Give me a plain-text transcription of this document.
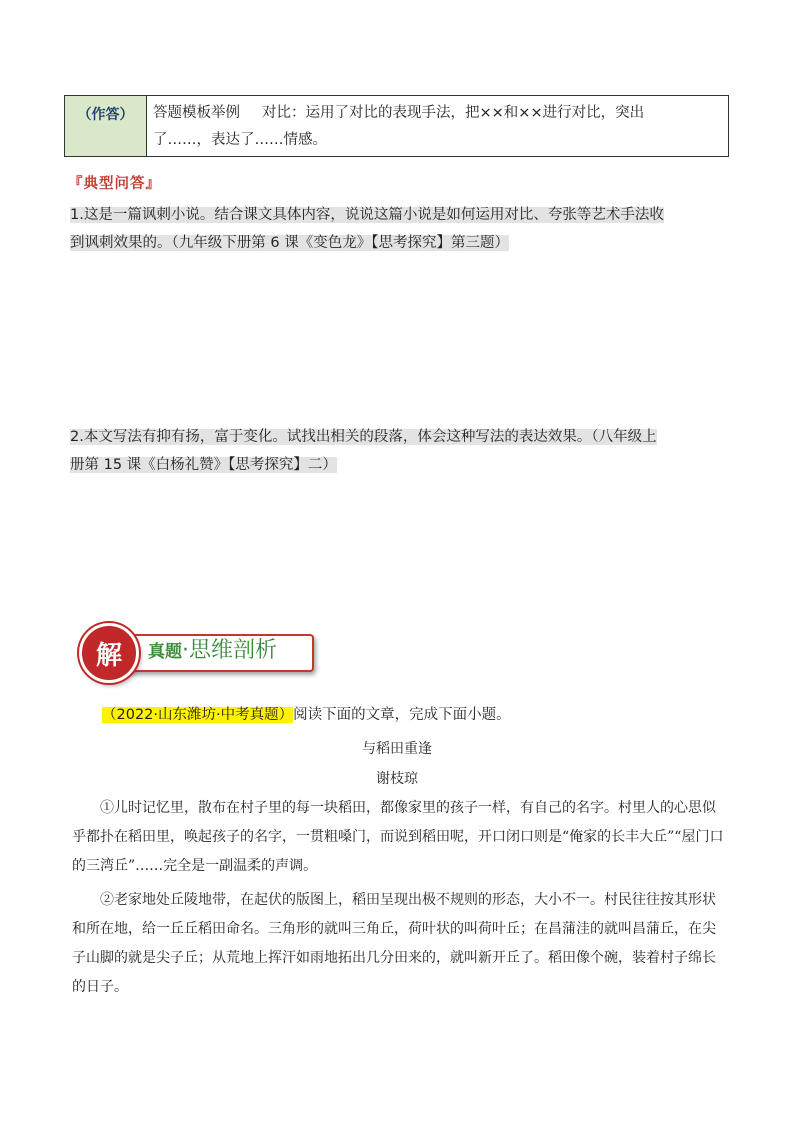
（作答）	答题模板举例 对比：运用了对比的表现手法，把××和××进行对比，突出
了……，表达了……情感。
『典型问答』
1.这是一篇讽刺小说。结合课文具体内容，说说这篇小说是如何运用对比、夸张等艺术手法收
到讽刺效果的。（九年级下册第 6 课《变色龙》【思考探究】第三题）
2.本文写法有抑有扬，富于变化。试找出相关的段落，体会这种写法的表达效果。（八年级上
册第 15 课《白杨礼赞》【思考探究】二）
真题·思维剖析
解
（2022·山东潍坊·中考真题）阅读下面的文章，完成下面小题。
与稻田重逢
谢枝琼
①儿时记忆里，散布在村子里的每一块稻田，都像家里的孩子一样，有自己的名字。村里人的心思似乎都扑在稻田里，唤起孩子的名字，一贯粗嗓门，而说到稻田呢，开口闭口则是“俺家的长丰大丘”“屋门口的三湾丘”……完全是一副温柔的声调。
②老家地处丘陵地带，在起伏的版图上，稻田呈现出极不规则的形态，大小不一。村民往往按其形状和所在地，给一丘丘稻田命名。三角形的就叫三角丘，荷叶状的叫荷叶丘；在昌蒲洼的就叫昌蒲丘，在尖子山脚的就是尖子丘；从荒地上挥汗如雨地拓出几分田来的，就叫新开丘了。稻田像个碗，装着村子绵长的日子。
